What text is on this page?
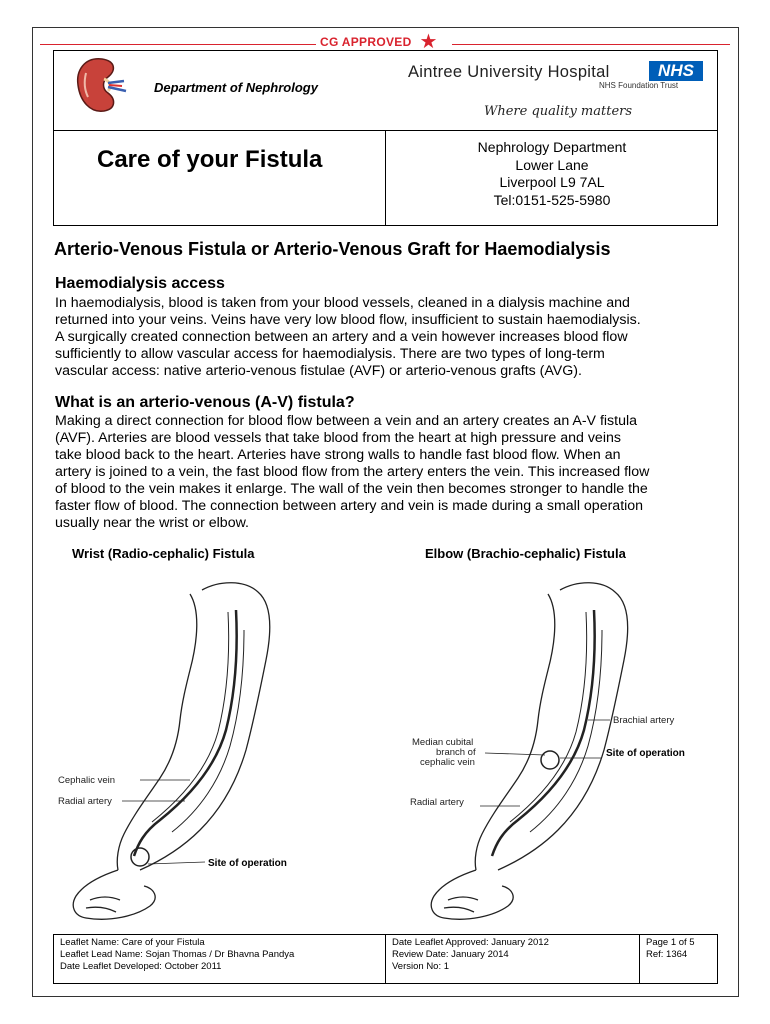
CG APPROVED ★
Department of Nephrology
Aintree University Hospital	NHS
NHS Foundation Trust
Where quality matters
Care of your Fistula	Nephrology Department
Lower Lane
Liverpool L9 7AL
Tel:0151-525-5980
Arterio-Venous Fistula or Arterio-Venous Graft for Haemodialysis
Haemodialysis access
In haemodialysis, blood is taken from your blood vessels, cleaned in a dialysis machine and
returned into your veins. Veins have very low blood flow, insufficient to sustain haemodialysis.
A surgically created connection between an artery and a vein however increases blood flow
sufficiently to allow vascular access for haemodialysis. There are two types of long-term
vascular access: native arterio-venous fistulae (AVF) or arterio-venous grafts (AVG).
What is an arterio-venous (A-V) fistula?
Making a direct connection for blood flow between a vein and an artery creates an A-V fistula
(AVF). Arteries are blood vessels that take blood from the heart at high pressure and veins
take blood back to the heart. Arteries have strong walls to handle fast blood flow. When an
artery is joined to a vein, the fast blood flow from the artery enters the vein. This increased flow
of blood to the vein makes it enlarge. The wall of the vein then becomes stronger to handle the
faster flow of blood. The connection between artery and vein is made during a small operation
usually near the wrist or elbow.
Wrist (Radio-cephalic) Fistula	Elbow (Brachio-cephalic) Fistula
Cephalic vein
Radial artery
Site of operation
Brachial artery
Median cubital
branch of
cephalic vein
Site of operation
Radial artery
Leaflet Name: Care of your Fistula
Leaflet Lead Name: Sojan Thomas / Dr Bhavna Pandya
Date Leaflet Developed: October 2011
Date Leaflet Approved: January 2012
Review Date: January 2014
Version No: 1
Page 1 of 5
Ref: 1364
